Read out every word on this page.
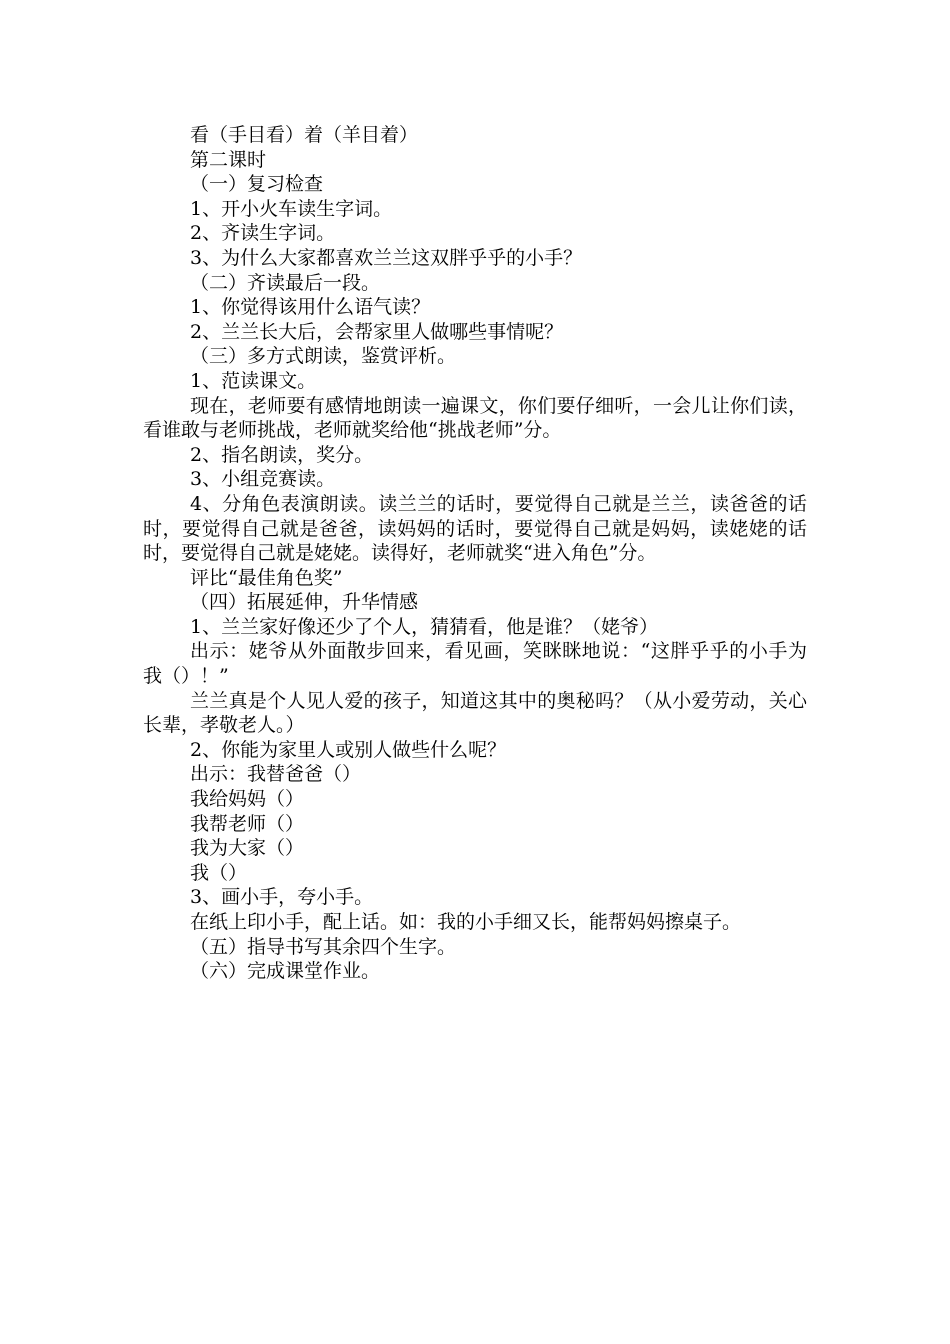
看（手目看）着（羊目着）

第二课时

（一）复习检查

1、开小火车读生字词。

2、齐读生字词。

3、为什么大家都喜欢兰兰这双胖乎乎的小手？

（二）齐读最后一段。

1、你觉得该用什么语气读？

2、兰兰长大后，会帮家里人做哪些事情呢？

（三）多方式朗读，鉴赏评析。

1、范读课文。

现在，老师要有感情地朗读一遍课文，你们要仔细听，一会儿让你们读，看谁敢与老师挑战，老师就奖给他“挑战老师”分。

2、指名朗读，奖分。

3、小组竞赛读。

4、分角色表演朗读。读兰兰的话时，要觉得自己就是兰兰，读爸爸的话时，要觉得自己就是爸爸，读妈妈的话时，要觉得自己就是妈妈，读姥姥的话时，要觉得自己就是姥姥。读得好，老师就奖“进入角色”分。

评比“最佳角色奖”

（四）拓展延伸，升华情感

1、兰兰家好像还少了个人，猜猜看，他是谁？（姥爷）

出示：姥爷从外面散步回来，看见画，笑眯眯地说：“这胖乎乎的小手为我（）！”

兰兰真是个人见人爱的孩子，知道这其中的奥秘吗？（从小爱劳动，关心长辈，孝敬老人。）

2、你能为家里人或别人做些什么呢？

出示：我替爸爸（）

我给妈妈（）

我帮老师（）

我为大家（）

我（）

3、画小手，夸小手。

在纸上印小手，配上话。如：我的小手细又长，能帮妈妈擦桌子。

（五）指导书写其余四个生字。

（六）完成课堂作业。
